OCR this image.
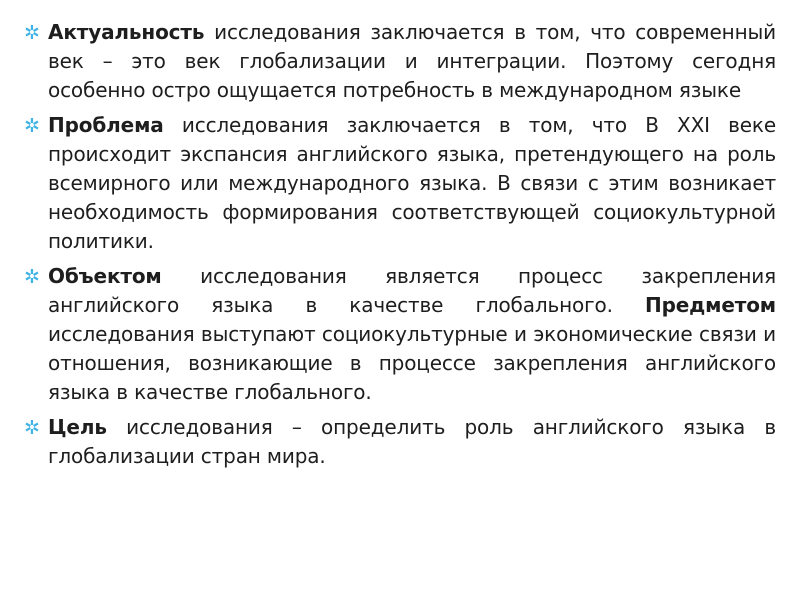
✲ Актуальность исследования заключается в том, что современный век – это век глобализации и интеграции. Поэтому сегодня особенно остро ощущается потребность в международном языке
✲ Проблема исследования заключается в том, что В XXI веке происходит экспансия английского языка, претендующего на роль всемирного или международного языка. В связи с этим возникает необходимость формирования соответствующей социокультурной политики.
✲ Объектом исследования является процесс закрепления английского языка в качестве глобального. Предметом исследования выступают социокультурные и экономические связи и отношения, возникающие в процессе закрепления английского языка в качестве глобального.
✲ Цель исследования – определить роль английского языка в глобализации стран мира.
